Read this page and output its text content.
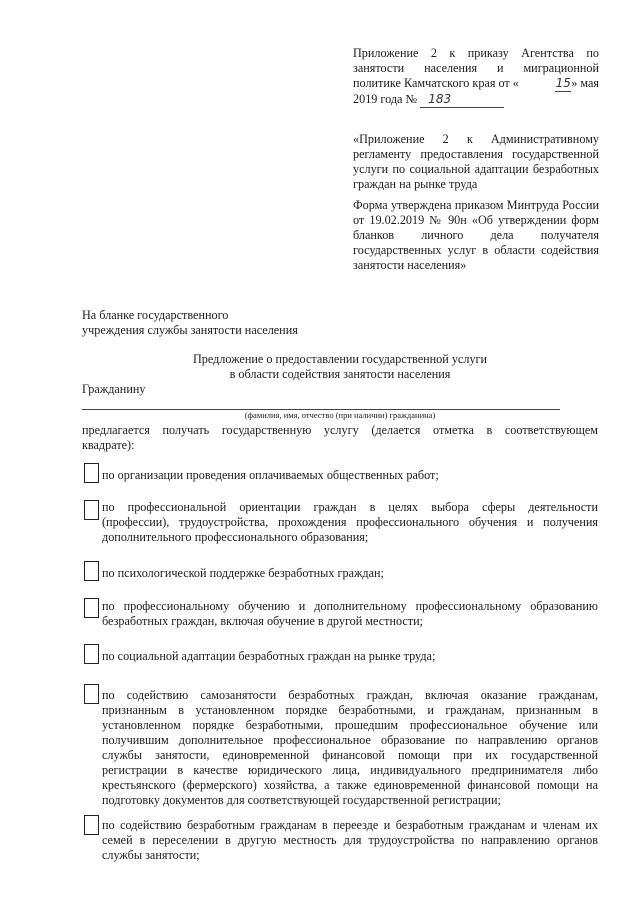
Приложение 2 к приказу Агентства по

занятости населения и миграционной

политике Камчатского края от «	15» мая

2019 года № 183

«Приложение 2 к Административному

регламенту предоставления государственной

услуги по социальной адаптации безработных

граждан на рынке труда

Форма утверждена приказом Минтруда России

от 19.02.2019 № 90н «Об утверждении форм

бланков личного дела получателя

государственных услуг в области содействия

занятости населения»

На бланке государственного

учреждения службы занятости населения

Предложение о предоставлении государственной услуги

в области содействия занятости населения

Гражданину

(фамилия, имя, отчество (при наличии) гражданина)

предлагается получать государственную услугу (делается отметка в соответствующем

квадрате):

по организации проведения оплачиваемых общественных работ;

по профессиональной ориентации граждан в целях выбора сферы деятельности

(профессии), трудоустройства, прохождения профессионального обучения и получения

дополнительного профессионального образования;

по психологической поддержке безработных граждан;

по профессиональному обучению и дополнительному профессиональному образованию

безработных граждан, включая обучение в другой местности;

по социальной адаптации безработных граждан на рынке труда;

по содействию самозанятости безработных граждан, включая оказание гражданам,

признанным в установленном порядке безработными, и гражданам, признанным в

установленном порядке безработными, прошедшим профессиональное обучение или

получившим дополнительное профессиональное образование по направлению органов

службы занятости, единовременной финансовой помощи при их государственной

регистрации в качестве юридического лица, индивидуального предпринимателя либо

крестьянского (фермерского) хозяйства, а также единовременной финансовой помощи на

подготовку документов для соответствующей государственной регистрации;

по содействию безработным гражданам в переезде и безработным гражданам и членам их

семей в переселении в другую местность для трудоустройства по направлению органов

службы занятости;
